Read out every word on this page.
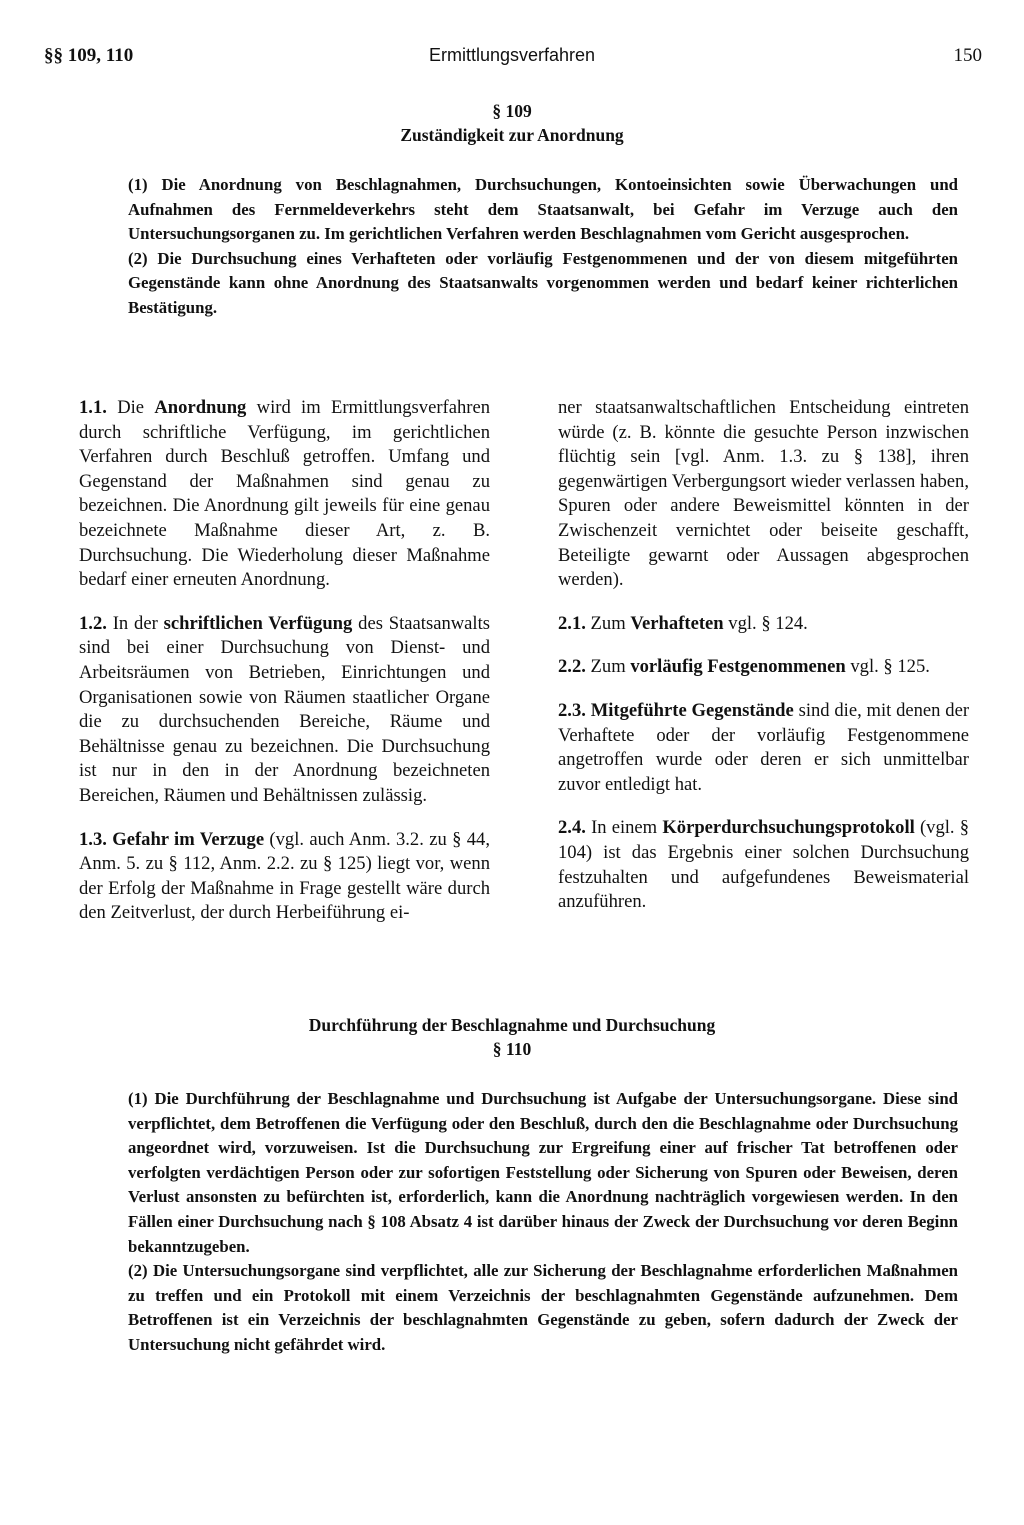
Ermittlungsverfahren
§§ 109, 110	150
§ 109
Zuständigkeit zur Anordnung

(1) Die Anordnung von Beschlagnahmen, Durchsuchungen, Kontoeinsichten sowie Überwachungen und Aufnahmen des Fernmeldeverkehrs steht dem Staatsanwalt, bei Gefahr im Verzuge auch den Untersuchungsorganen zu. Im gerichtlichen Verfahren werden Beschlagnahmen vom Gericht ausgesprochen.

(2) Die Durchsuchung eines Verhafteten oder vorläufig Festgenommenen und der von diesem mitgeführten Gegenstände kann ohne Anordnung des Staatsanwalts vorgenommen werden und bedarf keiner richterlichen Bestätigung.

1.1. Die Anordnung wird im Ermittlungsverfahren durch schriftliche Verfügung, im gerichtlichen Verfahren durch Beschluß getroffen. Umfang und Gegenstand der Maßnahmen sind genau zu bezeichnen. Die Anordnung gilt jeweils für eine genau bezeichnete Maßnahme dieser Art, z. B. Durchsuchung. Die Wiederholung dieser Maßnahme bedarf einer erneuten Anordnung.

1.2. In der schriftlichen Verfügung des Staatsanwalts sind bei einer Durchsuchung von Dienst- und Arbeitsräumen von Betrieben, Einrichtungen und Organisationen sowie von Räumen staatlicher Organe die zu durchsuchenden Bereiche, Räume und Behältnisse genau zu bezeichnen. Die Durchsuchung ist nur in den in der Anordnung bezeichneten Bereichen, Räumen und Behältnissen zulässig.

1.3. Gefahr im Verzuge (vgl. auch Anm. 3.2. zu § 44, Anm. 5. zu § 112, Anm. 2.2. zu § 125) liegt vor, wenn der Erfolg der Maßnahme in Frage gestellt wäre durch den Zeitverlust, der durch Herbeiführung ei-

ner staatsanwaltschaftlichen Entscheidung eintreten würde (z. B. könnte die gesuchte Person inzwischen flüchtig sein [vgl. Anm. 1.3. zu § 138], ihren gegenwärtigen Verbergungsort wieder verlassen haben, Spuren oder andere Beweismittel könnten in der Zwischenzeit vernichtet oder beiseite geschafft, Beteiligte gewarnt oder Aussagen abgesprochen werden).

2.1. Zum Verhafteten vgl. § 124.

2.2. Zum vorläufig Festgenommenen vgl. § 125.

2.3. Mitgeführte Gegenstände sind die, mit denen der Verhaftete oder der vorläufig Festgenommene angetroffen wurde oder deren er sich unmittelbar zuvor entledigt hat.

2.4. In einem Körperdurchsuchungsprotokoll (vgl. § 104) ist das Ergebnis einer solchen Durchsuchung festzuhalten und aufgefundenes Beweismaterial anzuführen.

Durchführung der Beschlagnahme und Durchsuchung
§ 110

(1) Die Durchführung der Beschlagnahme und Durchsuchung ist Aufgabe der Untersuchungsorgane. Diese sind verpflichtet, dem Betroffenen die Verfügung oder den Beschluß, durch den die Beschlagnahme oder Durchsuchung angeordnet wird, vorzuweisen. Ist die Durchsuchung zur Ergreifung einer auf frischer Tat betroffenen oder verfolgten verdächtigen Person oder zur sofortigen Feststellung oder Sicherung von Spuren oder Beweisen, deren Verlust ansonsten zu befürchten ist, erforderlich, kann die Anordnung nachträglich vorgewiesen werden. In den Fällen einer Durchsuchung nach § 108 Absatz 4 ist darüber hinaus der Zweck der Durchsuchung vor deren Beginn bekanntzugeben.

(2) Die Untersuchungsorgane sind verpflichtet, alle zur Sicherung der Beschlagnahme erforderlichen Maßnahmen zu treffen und ein Protokoll mit einem Verzeichnis der beschlagnahmten Gegenstände aufzunehmen. Dem Betroffenen ist ein Verzeichnis der beschlagnahmten Gegenstände zu geben, sofern dadurch der Zweck der Untersuchung nicht gefährdet wird.
